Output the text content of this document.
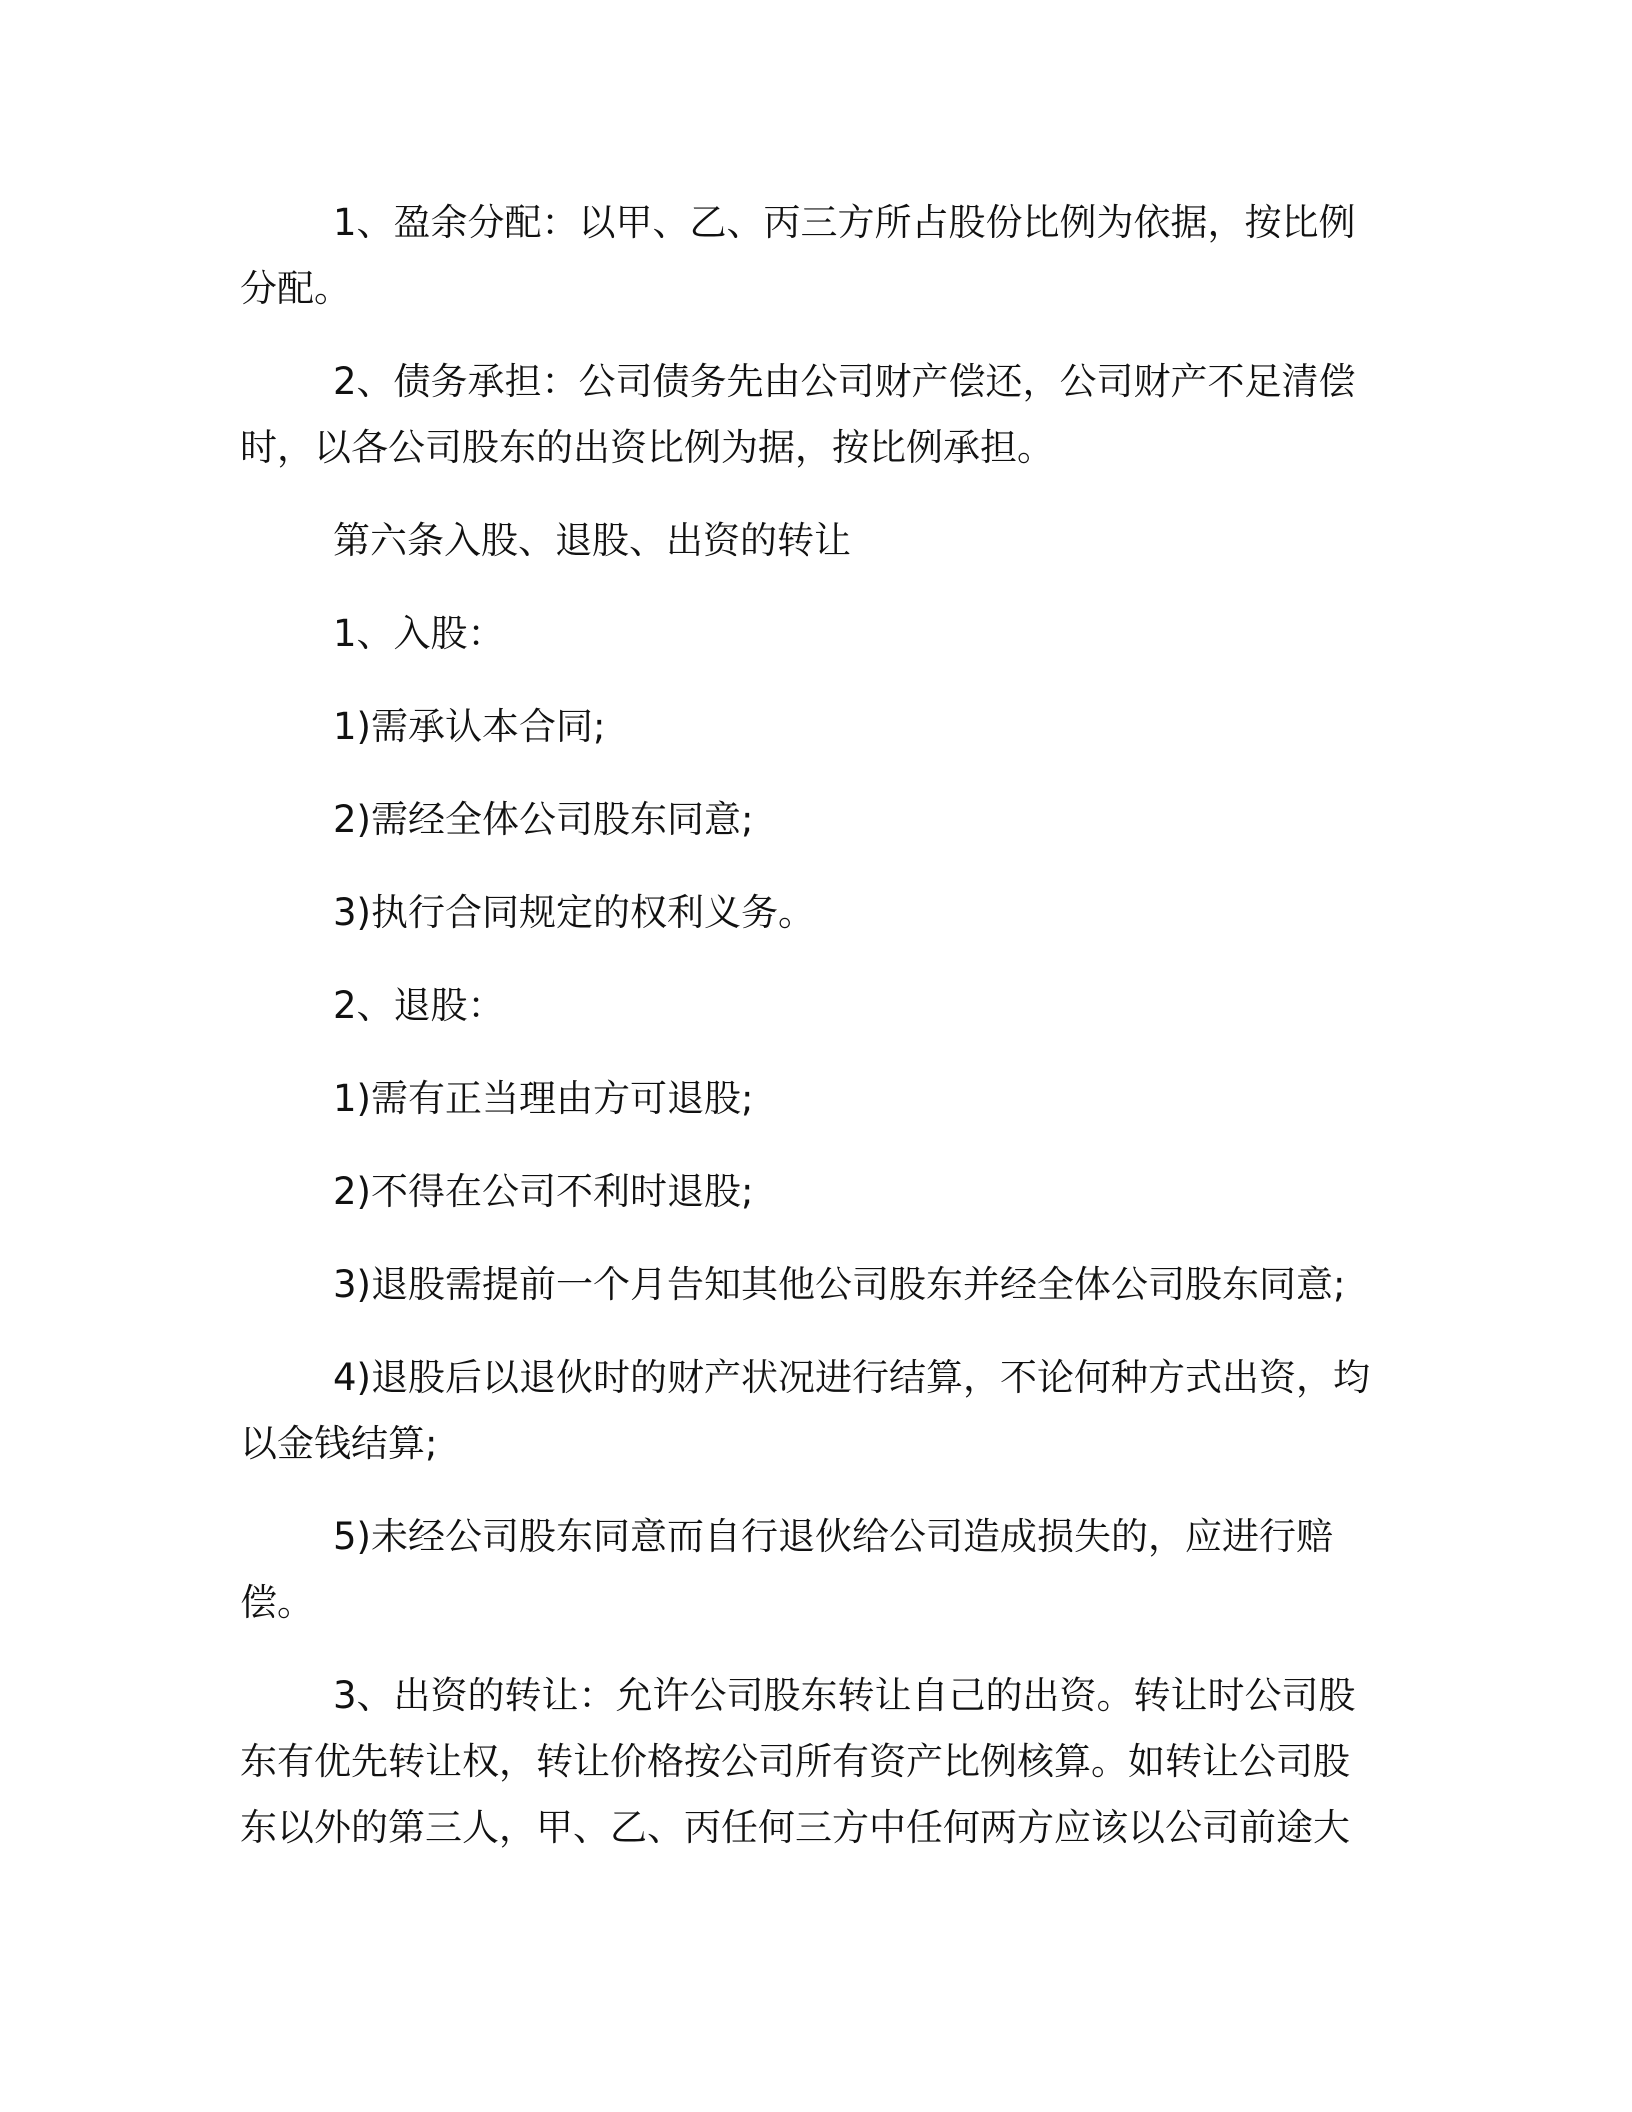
1、盈余分配：以甲、乙、丙三方所占股份比例为依据，按比例分配。

2、债务承担：公司债务先由公司财产偿还，公司财产不足清偿时，以各公司股东的出资比例为据，按比例承担。

第六条入股、退股、出资的转让

1、入股：

1)需承认本合同;

2)需经全体公司股东同意;

3)执行合同规定的权利义务。

2、退股：

1)需有正当理由方可退股;

2)不得在公司不利时退股;

3)退股需提前一个月告知其他公司股东并经全体公司股东同意;

4)退股后以退伙时的财产状况进行结算，不论何种方式出资，均以金钱结算;

5)未经公司股东同意而自行退伙给公司造成损失的，应进行赔偿。

3、出资的转让：允许公司股东转让自己的出资。转让时公司股东有优先转让权，转让价格按公司所有资产比例核算。如转让公司股东以外的第三人，甲、乙、丙任何三方中任何两方应该以公司前途大
